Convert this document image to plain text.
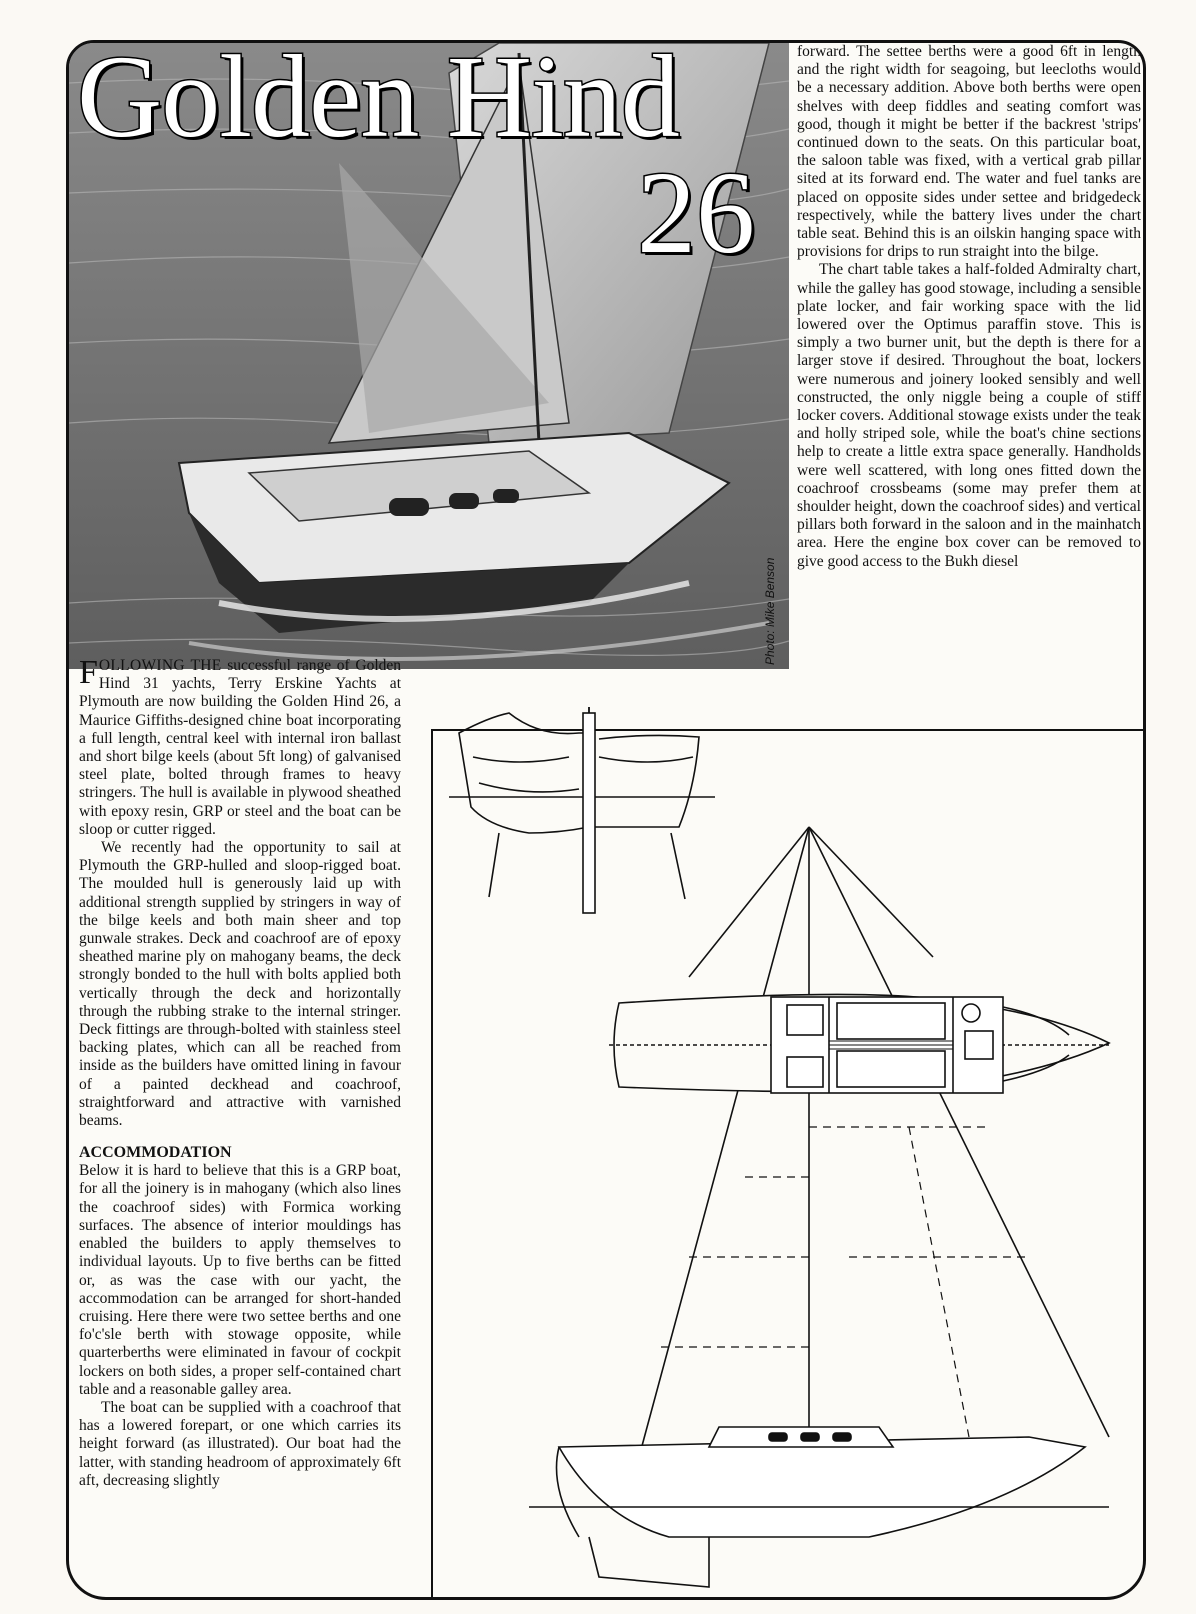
Golden Hind
26
Photo: Mike Benson

forward. The settee berths were a good 6ft in length and the right width for seagoing, but leecloths would be a necessary addition. Above both berths were open shelves with deep fiddles and seating comfort was good, though it might be better if the backrest 'strips' continued down to the seats. On this particular boat, the saloon table was fixed, with a vertical grab pillar sited at its forward end. The water and fuel tanks are placed on opposite sides under settee and bridgedeck respectively, while the battery lives under the chart table seat. Behind this is an oilskin hanging space with provisions for drips to run straight into the bilge.

The chart table takes a half-folded Admiralty chart, while the galley has good stowage, including a sensible plate locker, and fair working space with the lid lowered over the Optimus paraffin stove. This is simply a two burner unit, but the depth is there for a larger stove if desired. Throughout the boat, lockers were numerous and joinery looked sensibly and well constructed, the only niggle being a couple of stiff locker covers. Additional stowage exists under the teak and holly striped sole, while the boat's chine sections help to create a little extra space generally. Handholds were well scattered, with long ones fitted down the coachroof crossbeams (some may prefer them at shoulder height, down the coachroof sides) and vertical pillars both forward in the saloon and in the mainhatch area. Here the engine box cover can be removed to give good access to the Bukh diesel

FOLLOWING THE successful range of Golden Hind 31 yachts, Terry Erskine Yachts at Plymouth are now building the Golden Hind 26, a Maurice Giffiths-designed chine boat incorporating a full length, central keel with internal iron ballast and short bilge keels (about 5ft long) of galvanised steel plate, bolted through frames to heavy stringers. The hull is available in plywood sheathed with epoxy resin, GRP or steel and the boat can be sloop or cutter rigged.

We recently had the opportunity to sail at Plymouth the GRP-hulled and sloop-rigged boat. The moulded hull is generously laid up with additional strength supplied by stringers in way of the bilge keels and both main sheer and top gunwale strakes. Deck and coachroof are of epoxy sheathed marine ply on mahogany beams, the deck strongly bonded to the hull with bolts applied both vertically through the deck and horizontally through the rubbing strake to the internal stringer. Deck fittings are through-bolted with stainless steel backing plates, which can all be reached from inside as the builders have omitted lining in favour of a painted deckhead and coachroof, straightforward and attractive with varnished beams.

ACCOMMODATION

Below it is hard to believe that this is a GRP boat, for all the joinery is in mahogany (which also lines the coachroof sides) with Formica working surfaces. The absence of interior mouldings has enabled the builders to apply themselves to individual layouts. Up to five berths can be fitted or, as was the case with our yacht, the accommodation can be arranged for short-handed cruising. Here there were two settee berths and one fo'c'sle berth with stowage opposite, while quarterberths were eliminated in favour of cockpit lockers on both sides, a proper self-contained chart table and a reasonable galley area.

The boat can be supplied with a coachroof that has a lowered forepart, or one which carries its height forward (as illustrated). Our boat had the latter, with standing headroom of approximately 6ft aft, decreasing slightly
